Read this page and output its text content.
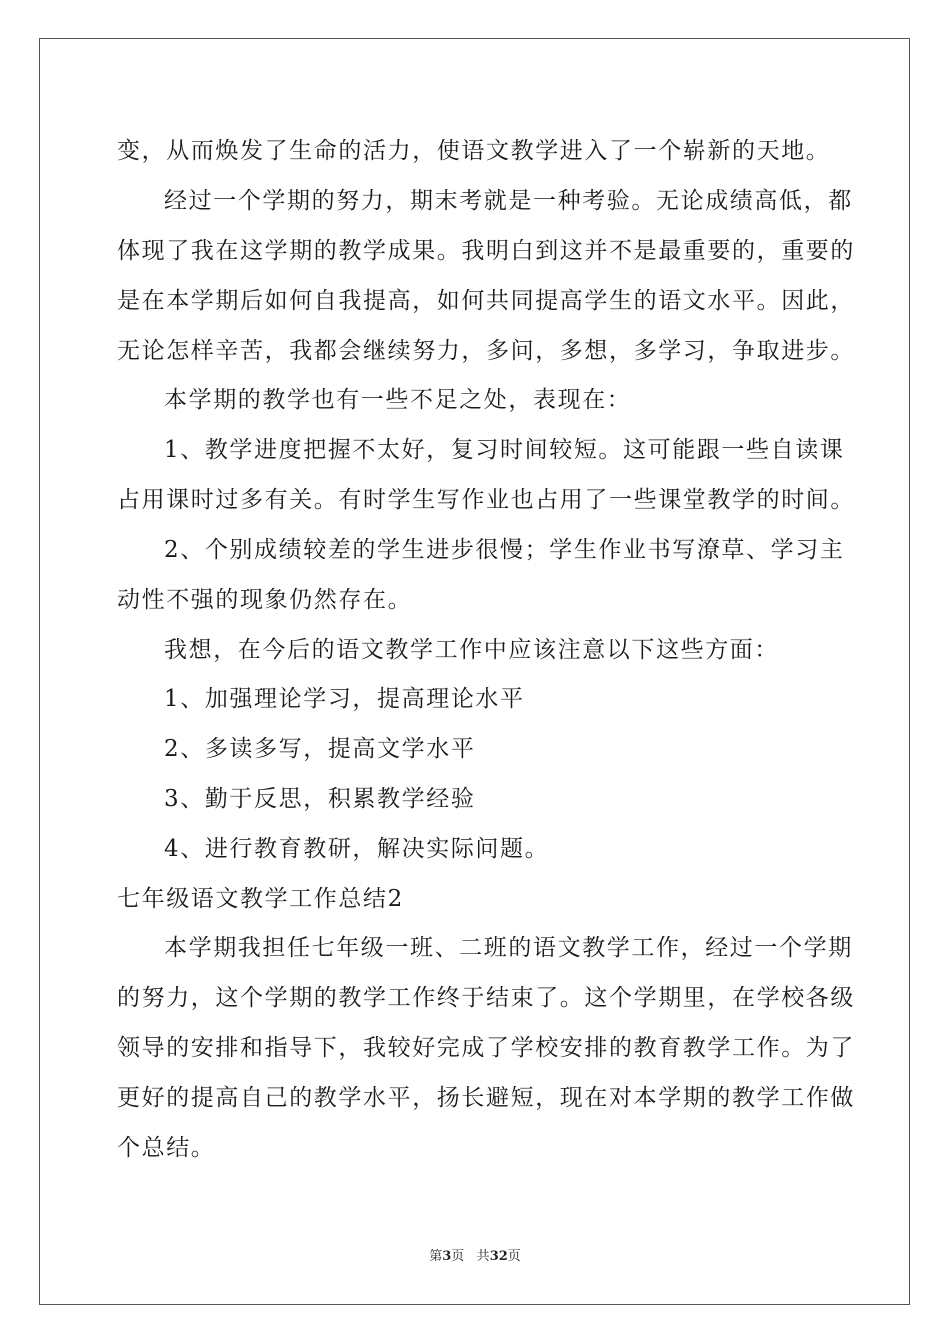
变，从而焕发了生命的活力，使语文教学进入了一个崭新的天地。
经过一个学期的努力，期末考就是一种考验。无论成绩高低，都
体现了我在这学期的教学成果。我明白到这并不是最重要的，重要的
是在本学期后如何自我提高，如何共同提高学生的语文水平。因此，
无论怎样辛苦，我都会继续努力，多问，多想，多学习，争取进步。
本学期的教学也有一些不足之处，表现在：
1、教学进度把握不太好，复习时间较短。这可能跟一些自读课
占用课时过多有关。有时学生写作业也占用了一些课堂教学的时间。
2、个别成绩较差的学生进步很慢；学生作业书写潦草、学习主
动性不强的现象仍然存在。
我想，在今后的语文教学工作中应该注意以下这些方面：
1、加强理论学习，提高理论水平
2、多读多写，提高文学水平
3、勤于反思，积累教学经验
4、进行教育教研，解决实际问题。
七年级语文教学工作总结2
本学期我担任七年级一班、二班的语文教学工作，经过一个学期
的努力，这个学期的教学工作终于结束了。这个学期里，在学校各级
领导的安排和指导下，我较好完成了学校安排的教育教学工作。为了
更好的提高自己的教学水平，扬长避短，现在对本学期的教学工作做
个总结。
第3页 共32页
